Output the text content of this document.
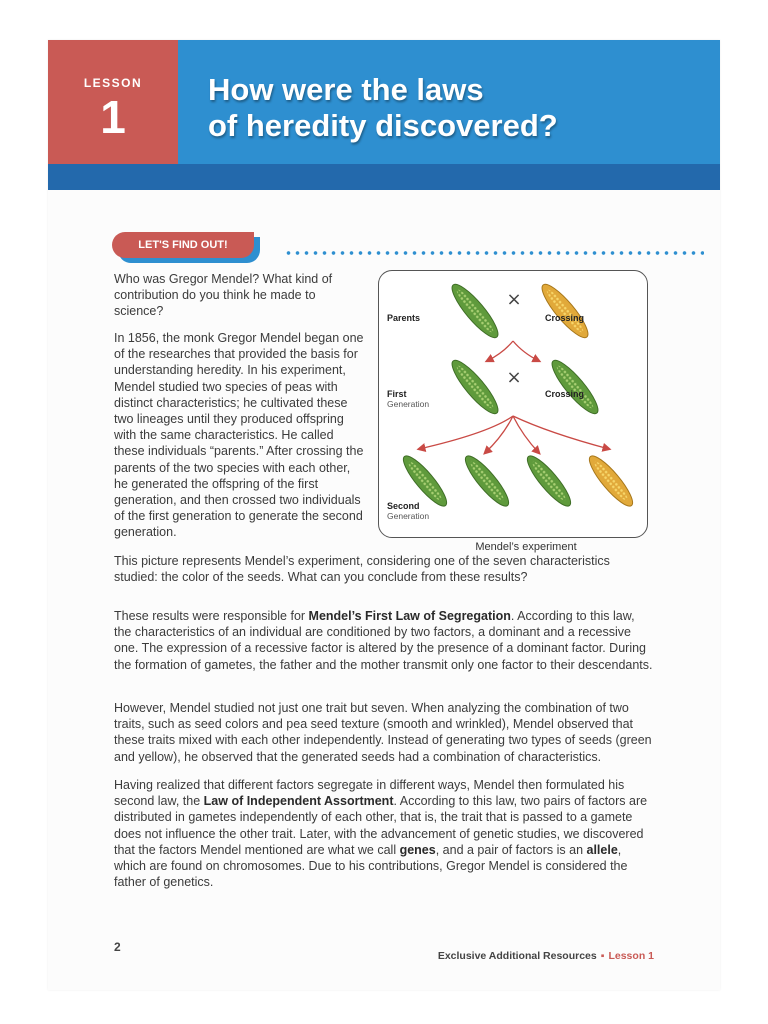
LESSON
1
How were the laws
of heredity discovered?
LET'S FIND OUT!

Who was Gregor Mendel? What kind of contribution do you think he made to science?

In 1856, the monk Gregor Mendel began one of the researches that provided the basis for understanding heredity. In his experiment, Mendel studied two species of peas with distinct characteristics; he cultivated these two lineages until they produced offspring with the same characteristics. He called these individuals “parents.” After crossing the parents of the two species with each other, he generated the offspring of the first generation, and then crossed two individuals of the first generation to generate the second generation.

×
×
Parents	Crossing
First
Generation
Crossing
Second
Generation

Mendel’s experiment

This picture represents Mendel’s experiment, considering one of the seven characteristics studied: the color of the seeds. What can you conclude from these results?

These results were responsible for Mendel’s First Law of Segregation. According to this law, the characteristics of an individual are conditioned by two factors, a dominant and a recessive one. The expression of a recessive factor is altered by the presence of a dominant factor. During the formation of gametes, the father and the mother transmit only one factor to their descendants.

However, Mendel studied not just one trait but seven. When analyzing the combination of two traits, such as seed colors and pea seed texture (smooth and wrinkled), Mendel observed that these traits mixed with each other independently. Instead of generating two types of seeds (green and yellow), he observed that the generated seeds had a combination of characteristics.

Having realized that different factors segregate in different ways, Mendel then formulated his second law, the Law of Independent Assortment. According to this law, two pairs of factors are distributed in gametes independently of each other, that is, the trait that is passed to a gamete does not influence the other trait. Later, with the advancement of genetic studies, we discovered that the factors Mendel mentioned are what we call genes, and a pair of factors is an allele, which are found on chromosomes. Due to his contributions, Gregor Mendel is considered the father of genetics.

2
Exclusive Additional Resources ▪ Lesson 1
